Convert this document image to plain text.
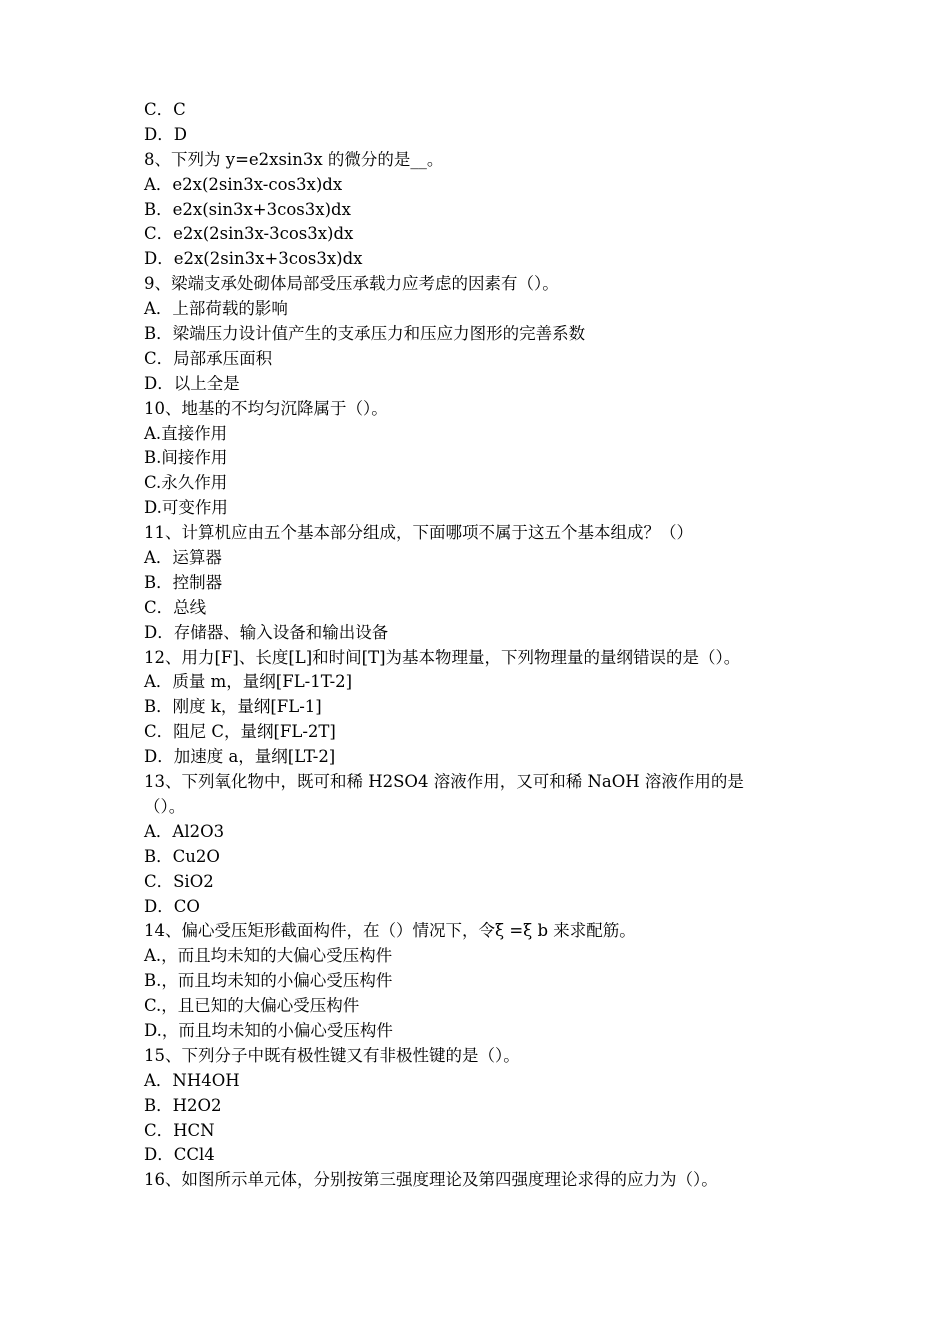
C．C
D．D
8、下列为 y=e2xsin3x 的微分的是__。
A．e2x(2sin3x-cos3x)dx
B．e2x(sin3x+3cos3x)dx
C．e2x(2sin3x-3cos3x)dx
D．e2x(2sin3x+3cos3x)dx
9、梁端支承处砌体局部受压承载力应考虑的因素有（）。
A．上部荷载的影响
B．梁端压力设计值产生的支承压力和压应力图形的完善系数
C．局部承压面积
D．以上全是
10、地基的不均匀沉降属于（）。
A.直接作用
B.间接作用
C.永久作用
D.可变作用
11、计算机应由五个基本部分组成，下面哪项不属于这五个基本组成？（）
A．运算器
B．控制器
C．总线
D．存储器、输入设备和输出设备
12、用力[F]、长度[L]和时间[T]为基本物理量，下列物理量的量纲错误的是（）。
A．质量 m，量纲[FL-1T-2]
B．刚度 k，量纲[FL-1]
C．阻尼 C，量纲[FL-2T]
D．加速度 a，量纲[LT-2]
13、下列氧化物中，既可和稀 H2SO4 溶液作用，又可和稀 NaOH 溶液作用的是
（）。
A．Al2O3
B．Cu2O
C．SiO2
D．CO
14、偏心受压矩形截面构件，在（）情况下，令ξ =ξ b 来求配筋。
A.，而且均未知的大偏心受压构件
B.，而且均未知的小偏心受压构件
C.，且已知的大偏心受压构件
D.，而且均未知的小偏心受压构件
15、下列分子中既有极性键又有非极性键的是（）。
A．NH4OH
B．H2O2
C．HCN
D．CCl4
16、如图所示单元体，分别按第三强度理论及第四强度理论求得的应力为（）。
